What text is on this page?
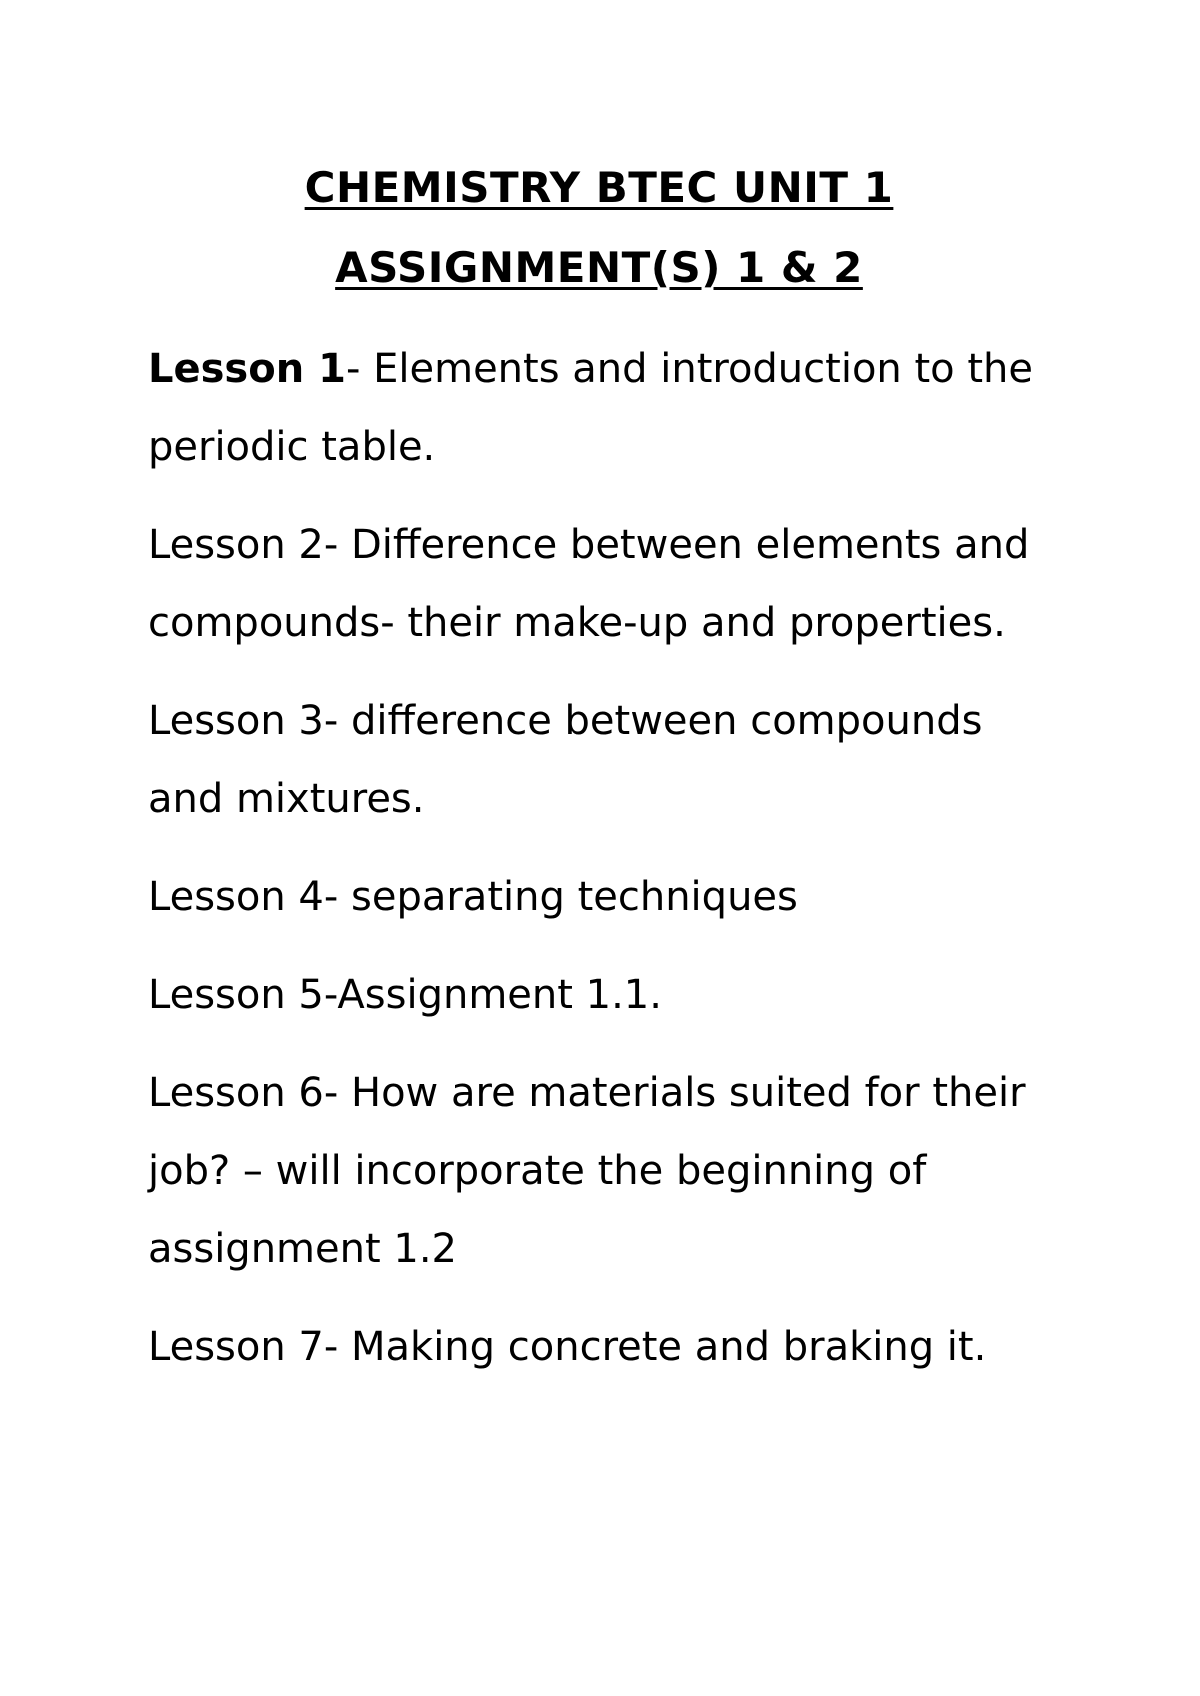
CHEMISTRY BTEC UNIT 1
ASSIGNMENT(S) 1 & 2
Lesson 1- Elements and introduction to the periodic table.
Lesson 2- Difference between elements and compounds- their make-up and properties.
Lesson 3- difference between compounds and mixtures.
Lesson 4- separating techniques
Lesson 5-Assignment 1.1.
Lesson 6- How are materials suited for their job? – will incorporate the beginning of assignment 1.2
Lesson 7- Making concrete and braking it.
